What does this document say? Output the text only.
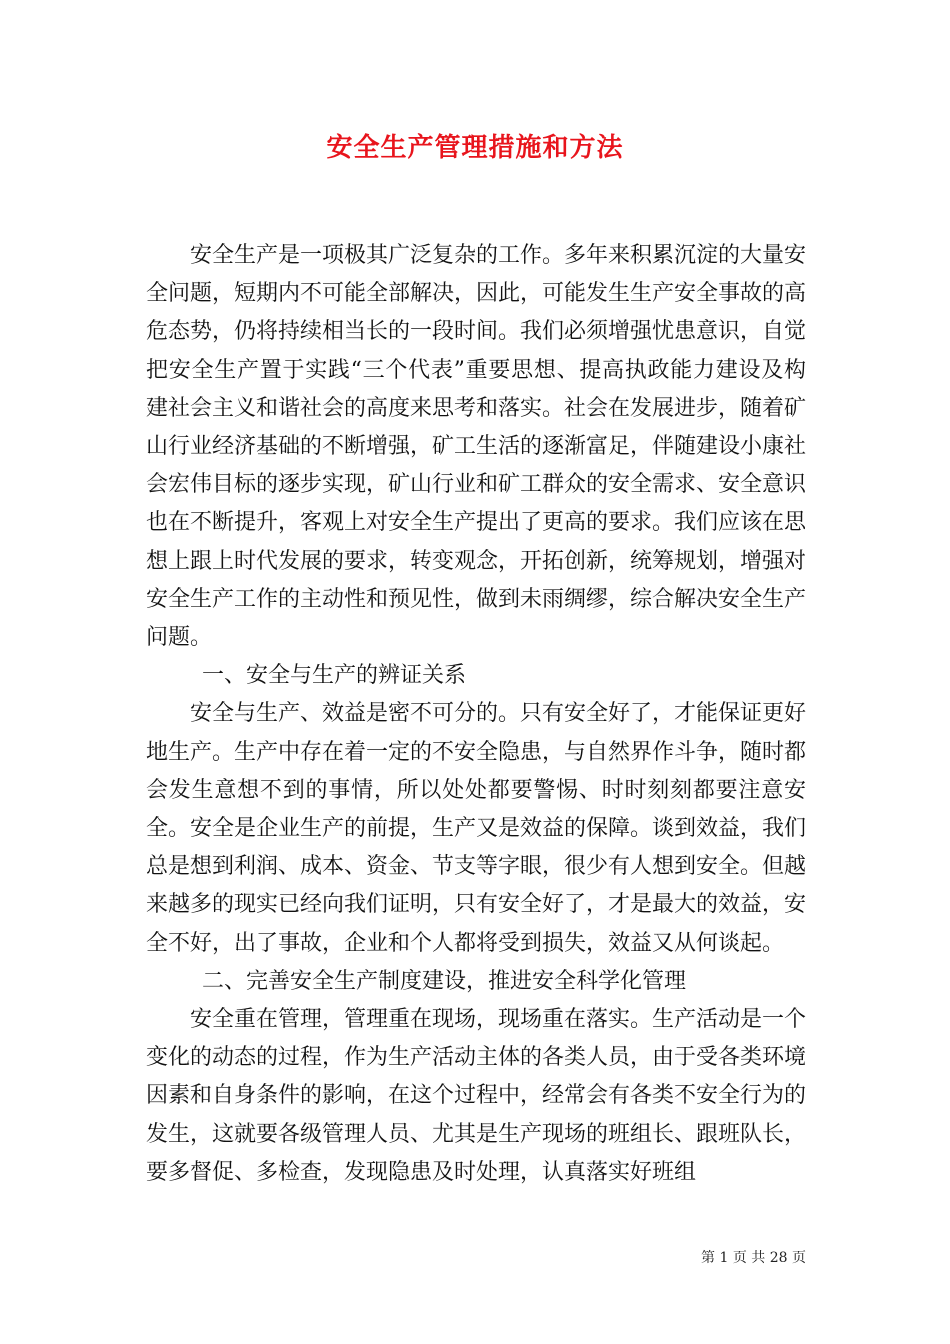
安全生产管理措施和方法

安全生产是一项极其广泛复杂的工作。多年来积累沉淀的大量安全问题，短期内不可能全部解决，因此，可能发生生产安全事故的高危态势，仍将持续相当长的一段时间。我们必须增强忧患意识，自觉把安全生产置于实践“三个代表”重要思想、提高执政能力建设及构建社会主义和谐社会的高度来思考和落实。社会在发展进步，随着矿山行业经济基础的不断增强，矿工生活的逐渐富足，伴随建设小康社会宏伟目标的逐步实现，矿山行业和矿工群众的安全需求、安全意识也在不断提升，客观上对安全生产提出了更高的要求。我们应该在思想上跟上时代发展的要求，转变观念，开拓创新，统筹规划，增强对安全生产工作的主动性和预见性，做到未雨绸缪，综合解决安全生产问题。

一、安全与生产的辨证关系

安全与生产、效益是密不可分的。只有安全好了，才能保证更好地生产。生产中存在着一定的不安全隐患，与自然界作斗争，随时都会发生意想不到的事情，所以处处都要警惕、时时刻刻都要注意安全。安全是企业生产的前提，生产又是效益的保障。谈到效益，我们总是想到利润、成本、资金、节支等字眼，很少有人想到安全。但越来越多的现实已经向我们证明，只有安全好了，才是最大的效益，安全不好，出了事故，企业和个人都将受到损失，效益又从何谈起。

二、完善安全生产制度建设，推进安全科学化管理

安全重在管理，管理重在现场，现场重在落实。生产活动是一个变化的动态的过程，作为生产活动主体的各类人员，由于受各类环境因素和自身条件的影响，在这个过程中，经常会有各类不安全行为的发生，这就要各级管理人员、尤其是生产现场的班组长、跟班队长，要多督促、多检查，发现隐患及时处理，认真落实好班组

第 1 页 共 28 页
